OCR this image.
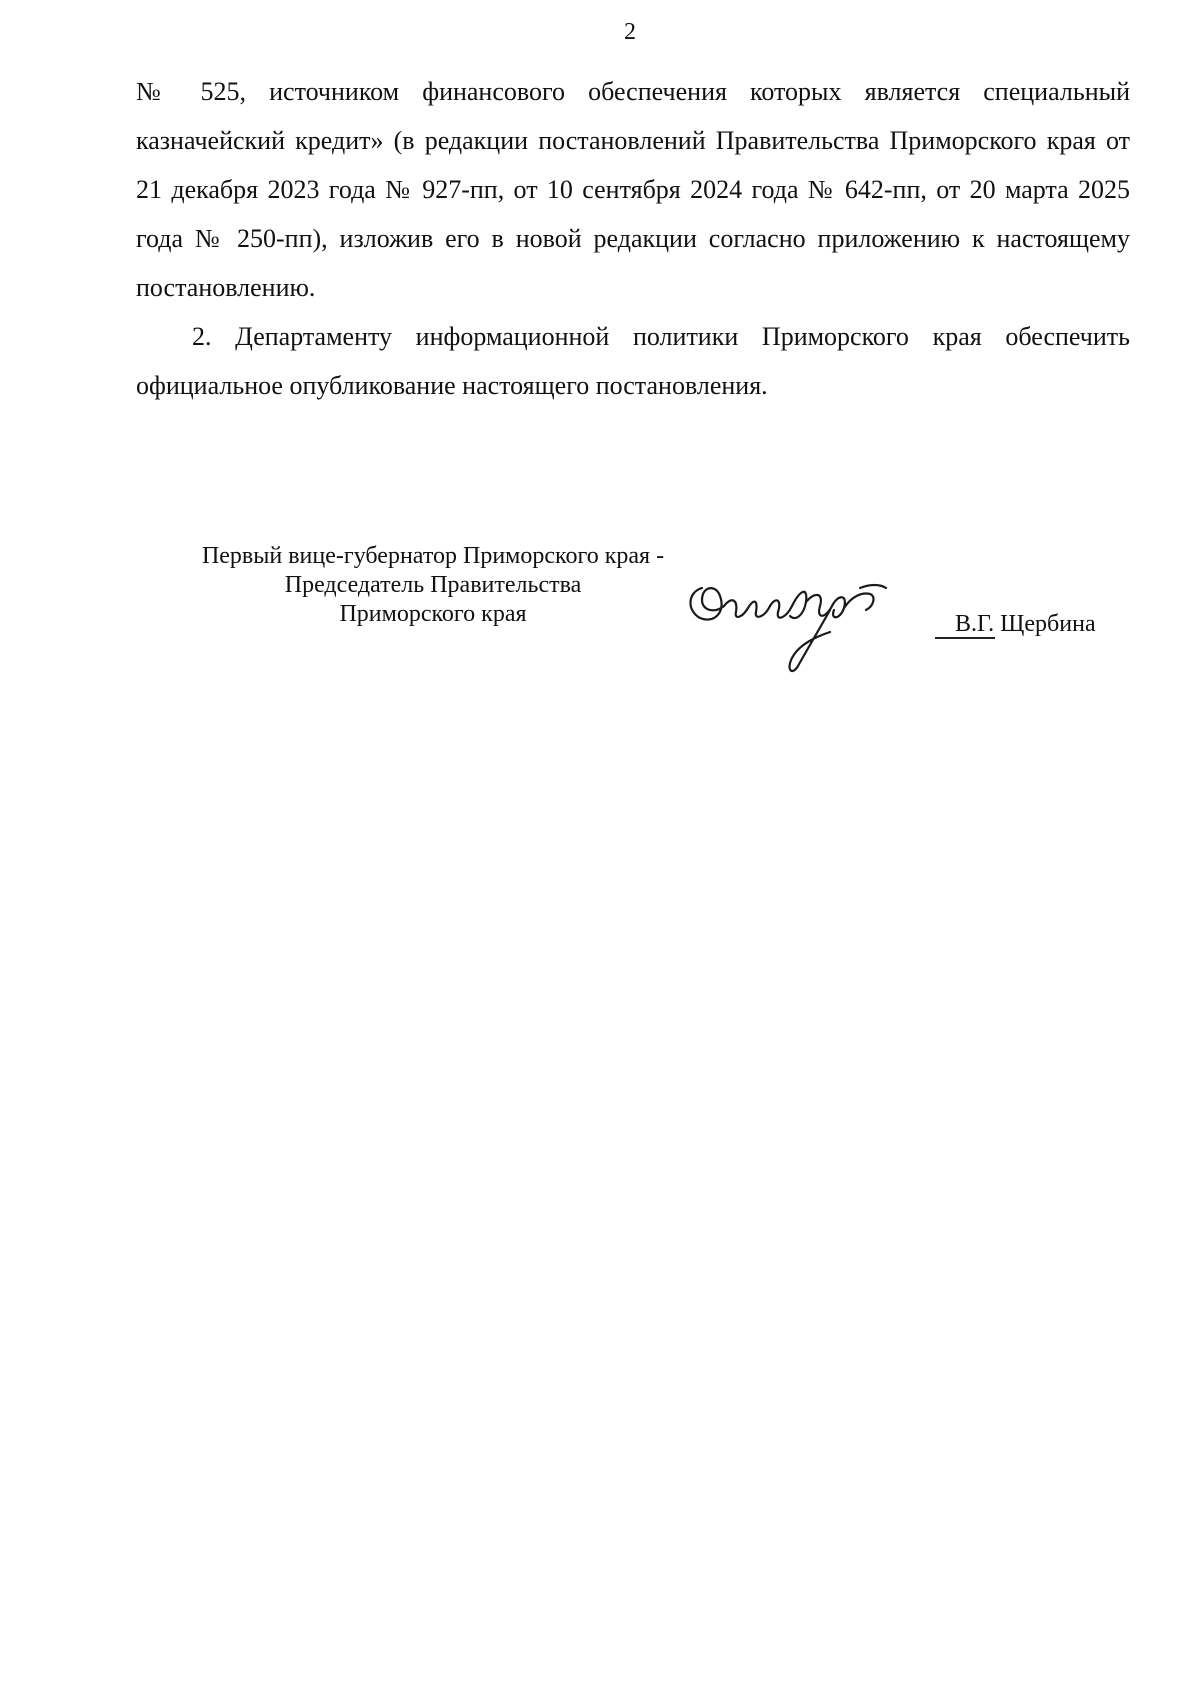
2

№ 525, источником финансового обеспечения которых является специальный казначейский кредит» (в редакции постановлений Правительства Приморского края от 21 декабря 2023 года № 927-пп, от 10 сентября 2024 года № 642-пп, от 20 марта 2025 года № 250-пп), изложив его в новой редакции согласно приложению к настоящему постановлению.

2. Департаменту информационной политики Приморского края обеспечить официальное опубликование настоящего постановления.

Первый вице-губернатор Приморского края -
Председатель Правительства
Приморского края	В.Г. Щербина
